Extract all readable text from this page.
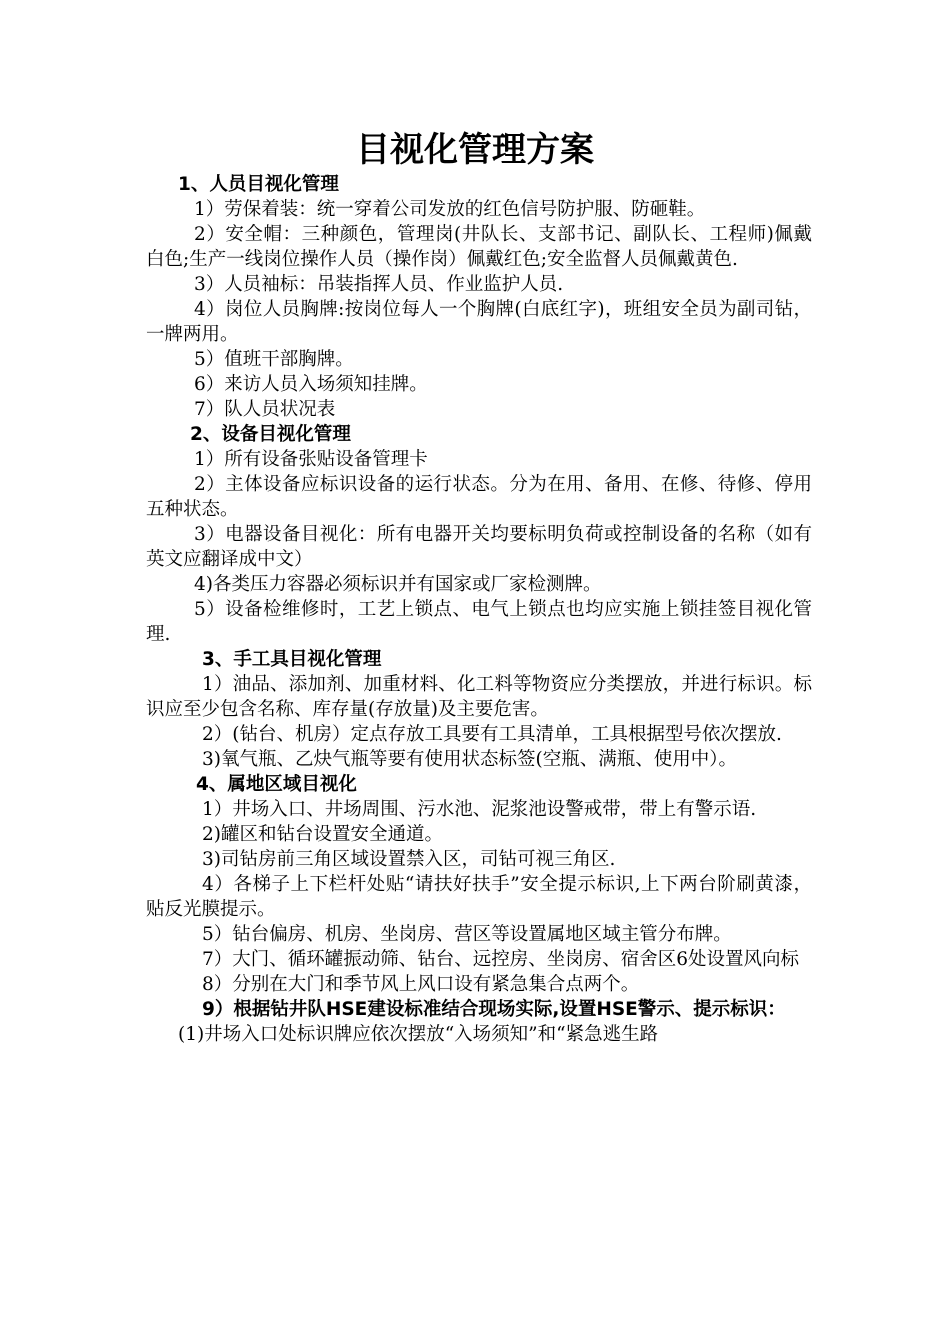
目视化管理方案

1、人员目视化管理

1）劳保着装：统一穿着公司发放的红色信号防护服、防砸鞋。

2）安全帽：三种颜色，管理岗(井队长、支部书记、副队长、工程师)佩戴白色;生产一线岗位操作人员（操作岗）佩戴红色;安全监督人员佩戴黄色.

3）人员袖标：吊装指挥人员、作业监护人员.

4）岗位人员胸牌:按岗位每人一个胸牌(白底红字)，班组安全员为副司钻，一牌两用。

5）值班干部胸牌。

6）来访人员入场须知挂牌。

7）队人员状况表

2、设备目视化管理

1）所有设备张贴设备管理卡

2）主体设备应标识设备的运行状态。分为在用、备用、在修、待修、停用五种状态。

3）电器设备目视化：所有电器开关均要标明负荷或控制设备的名称（如有英文应翻译成中文）

4)各类压力容器必须标识并有国家或厂家检测牌。

5）设备检维修时，工艺上锁点、电气上锁点也均应实施上锁挂签目视化管理.

3、手工具目视化管理

1）油品、添加剂、加重材料、化工料等物资应分类摆放，并进行标识。标识应至少包含名称、库存量(存放量)及主要危害。

2）(钻台、机房）定点存放工具要有工具清单，工具根据型号依次摆放.

3)氧气瓶、乙炔气瓶等要有使用状态标签(空瓶、满瓶、使用中）。

4、属地区域目视化

1）井场入口、井场周围、污水池、泥浆池设警戒带，带上有警示语.

2)罐区和钻台设置安全通道。

3)司钻房前三角区域设置禁入区，司钻可视三角区.

4）各梯子上下栏杆处贴“请扶好扶手”安全提示标识,上下两台阶刷黄漆，贴反光膜提示。

5）钻台偏房、机房、坐岗房、营区等设置属地区域主管分布牌。

7）大门、循环罐振动筛、钻台、远控房、坐岗房、宿舍区6处设置风向标

8）分别在大门和季节风上风口设有紧急集合点两个。

9）根据钻井队HSE建设标准结合现场实际,设置HSE警示、提示标识：

(1)井场入口处标识牌应依次摆放“入场须知”和“紧急逃生路
